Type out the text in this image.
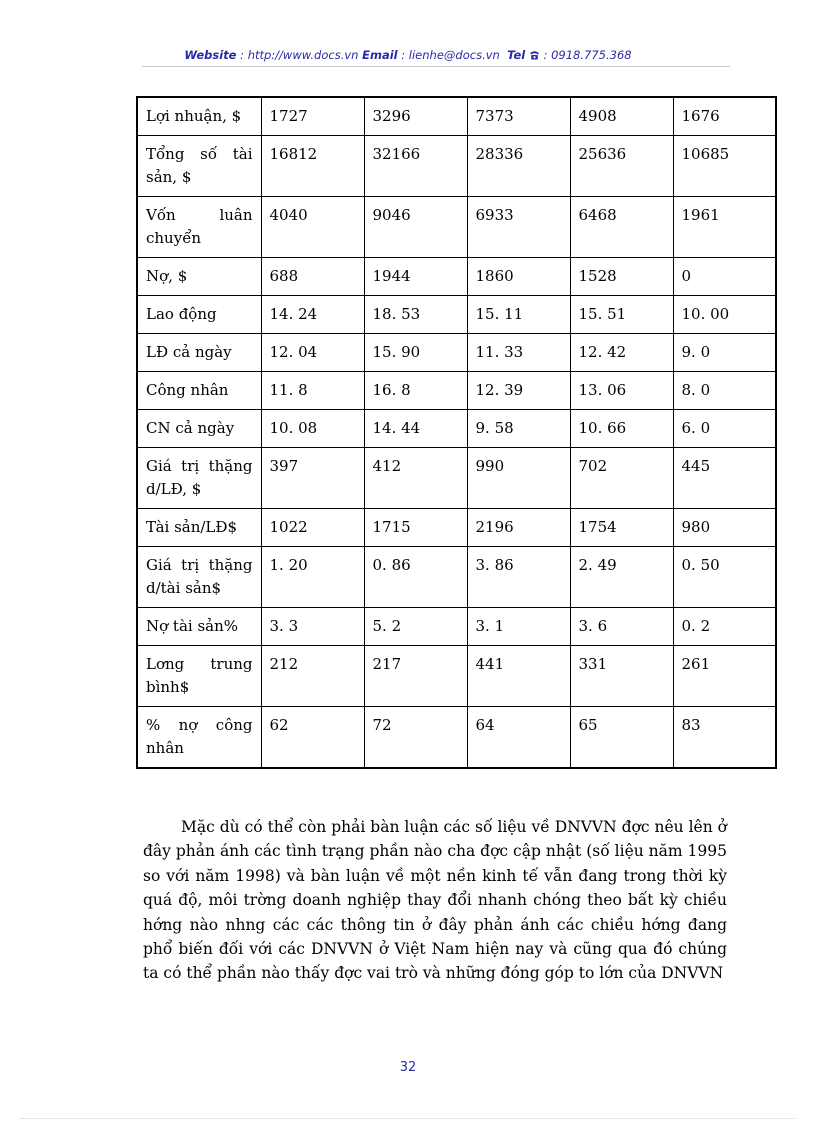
Website : http://www.docs.vn Email : lienhe@docs.vn Tel  : 0918.775.368
Lợi nhuận, $	1727	3296	7373	4908	1676
Tổng số tài sản, $	16812	32166	28336	25636	10685
Vốn luân chuyển	4040	9046	6933	6468	1961
Nợ, $	688	1944	1860	1528	0
Lao động	14. 24	18. 53	15. 11	15. 51	10. 00
LĐ cả ngày	12. 04	15. 90	11. 33	12. 42	9. 0
Công nhân	11. 8	16. 8	12. 39	13. 06	8. 0
CN cả ngày	10. 08	14. 44	9. 58	10. 66	6. 0
Giá trị thặng d/LĐ, $	397	412	990	702	445
Tài sản/LĐ$	1022	1715	2196	1754	980
Giá trị thặng d/tài sản$	1. 20	0. 86	3. 86	2. 49	0. 50
Nợ tài sản%	3. 3	5. 2	3. 1	3. 6	0. 2
Lơng trung bình$	212	217	441	331	261
% nợ công nhân	62	72	64	65	83

Mặc dù có thể còn phải bàn luận các số liệu về DNVVN đợc nêu lên ở đây phản ánh các tình trạng phần nào cha đợc cập nhật (số liệu năm 1995 so với năm 1998) và bàn luận về một nền kinh tế vẫn đang trong thời kỳ quá độ, môi trờng doanh nghiệp thay đổi nhanh chóng theo bất kỳ chiều hớng nào nhng các các thông tin ở đây phản ánh các chiều hớng đang phổ biến đối với các DNVVN ở Việt Nam hiện nay và cũng qua đó chúng ta có thể phần nào thấy đợc vai trò và những đóng góp to lớn của DNVVN

32
